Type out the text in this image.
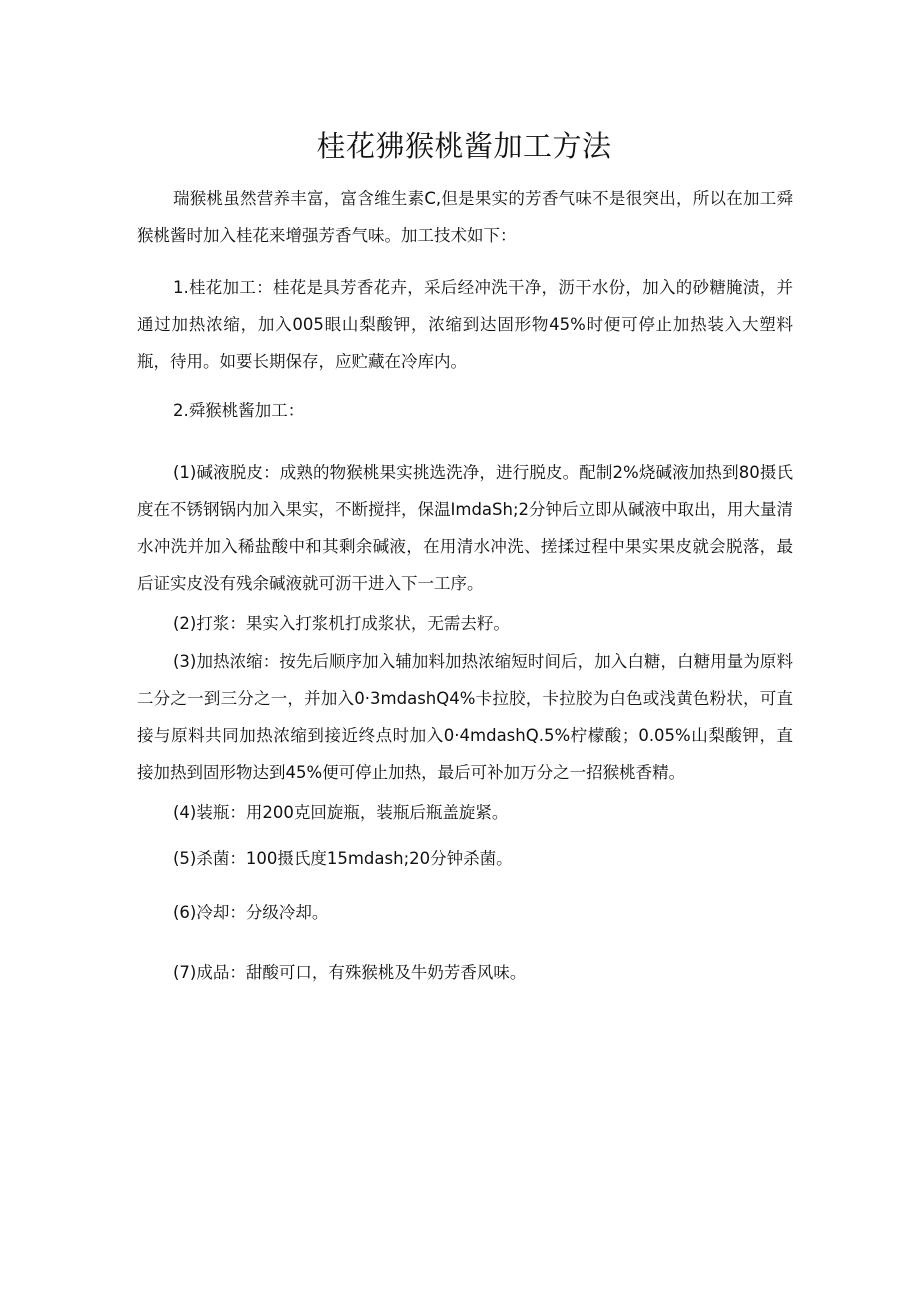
桂花狒猴桃酱加工方法

瑞猴桃虽然营养丰富，富含维生素C,但是果实的芳香气味不是很突出，所以在加工舜猴桃酱时加入桂花来增强芳香气味。加工技术如下：

1.桂花加工：桂花是具芳香花卉，采后经冲洗干净，沥干水份，加入的砂糖腌渍，并通过加热浓缩，加入005眼山梨酸钾，浓缩到达固形物45%时便可停止加热装入大塑料瓶，待用。如要长期保存，应贮藏在冷库内。

2.舜猴桃酱加工：

(1)碱液脱皮：成熟的物猴桃果实挑选洗净，进行脱皮。配制2%烧碱液加热到80摄氏度在不锈钢锅内加入果实，不断搅拌，保温ImdaSh;2分钟后立即从碱液中取出，用大量清水冲洗并加入稀盐酸中和其剩余碱液，在用清水冲洗、搓揉过程中果实果皮就会脱落，最后证实皮没有残余碱液就可沥干进入下一工序。

(2)打浆：果实入打浆机打成浆状，无需去籽。

(3)加热浓缩：按先后顺序加入辅加料加热浓缩短时间后，加入白糖，白糖用量为原料二分之一到三分之一，并加入0·3mdashQ4%卡拉胶，卡拉胶为白色或浅黄色粉状，可直接与原料共同加热浓缩到接近终点时加入0·4mdashQ.5%柠檬酸；0.05%山梨酸钾，直接加热到固形物达到45%便可停止加热，最后可补加万分之一招猴桃香精。

(4)装瓶：用200克回旋瓶，装瓶后瓶盖旋紧。

(5)杀菌：100摄氏度15mdash;20分钟杀菌。

(6)冷却：分级冷却。

(7)成品：甜酸可口，有殊猴桃及牛奶芳香风味。
